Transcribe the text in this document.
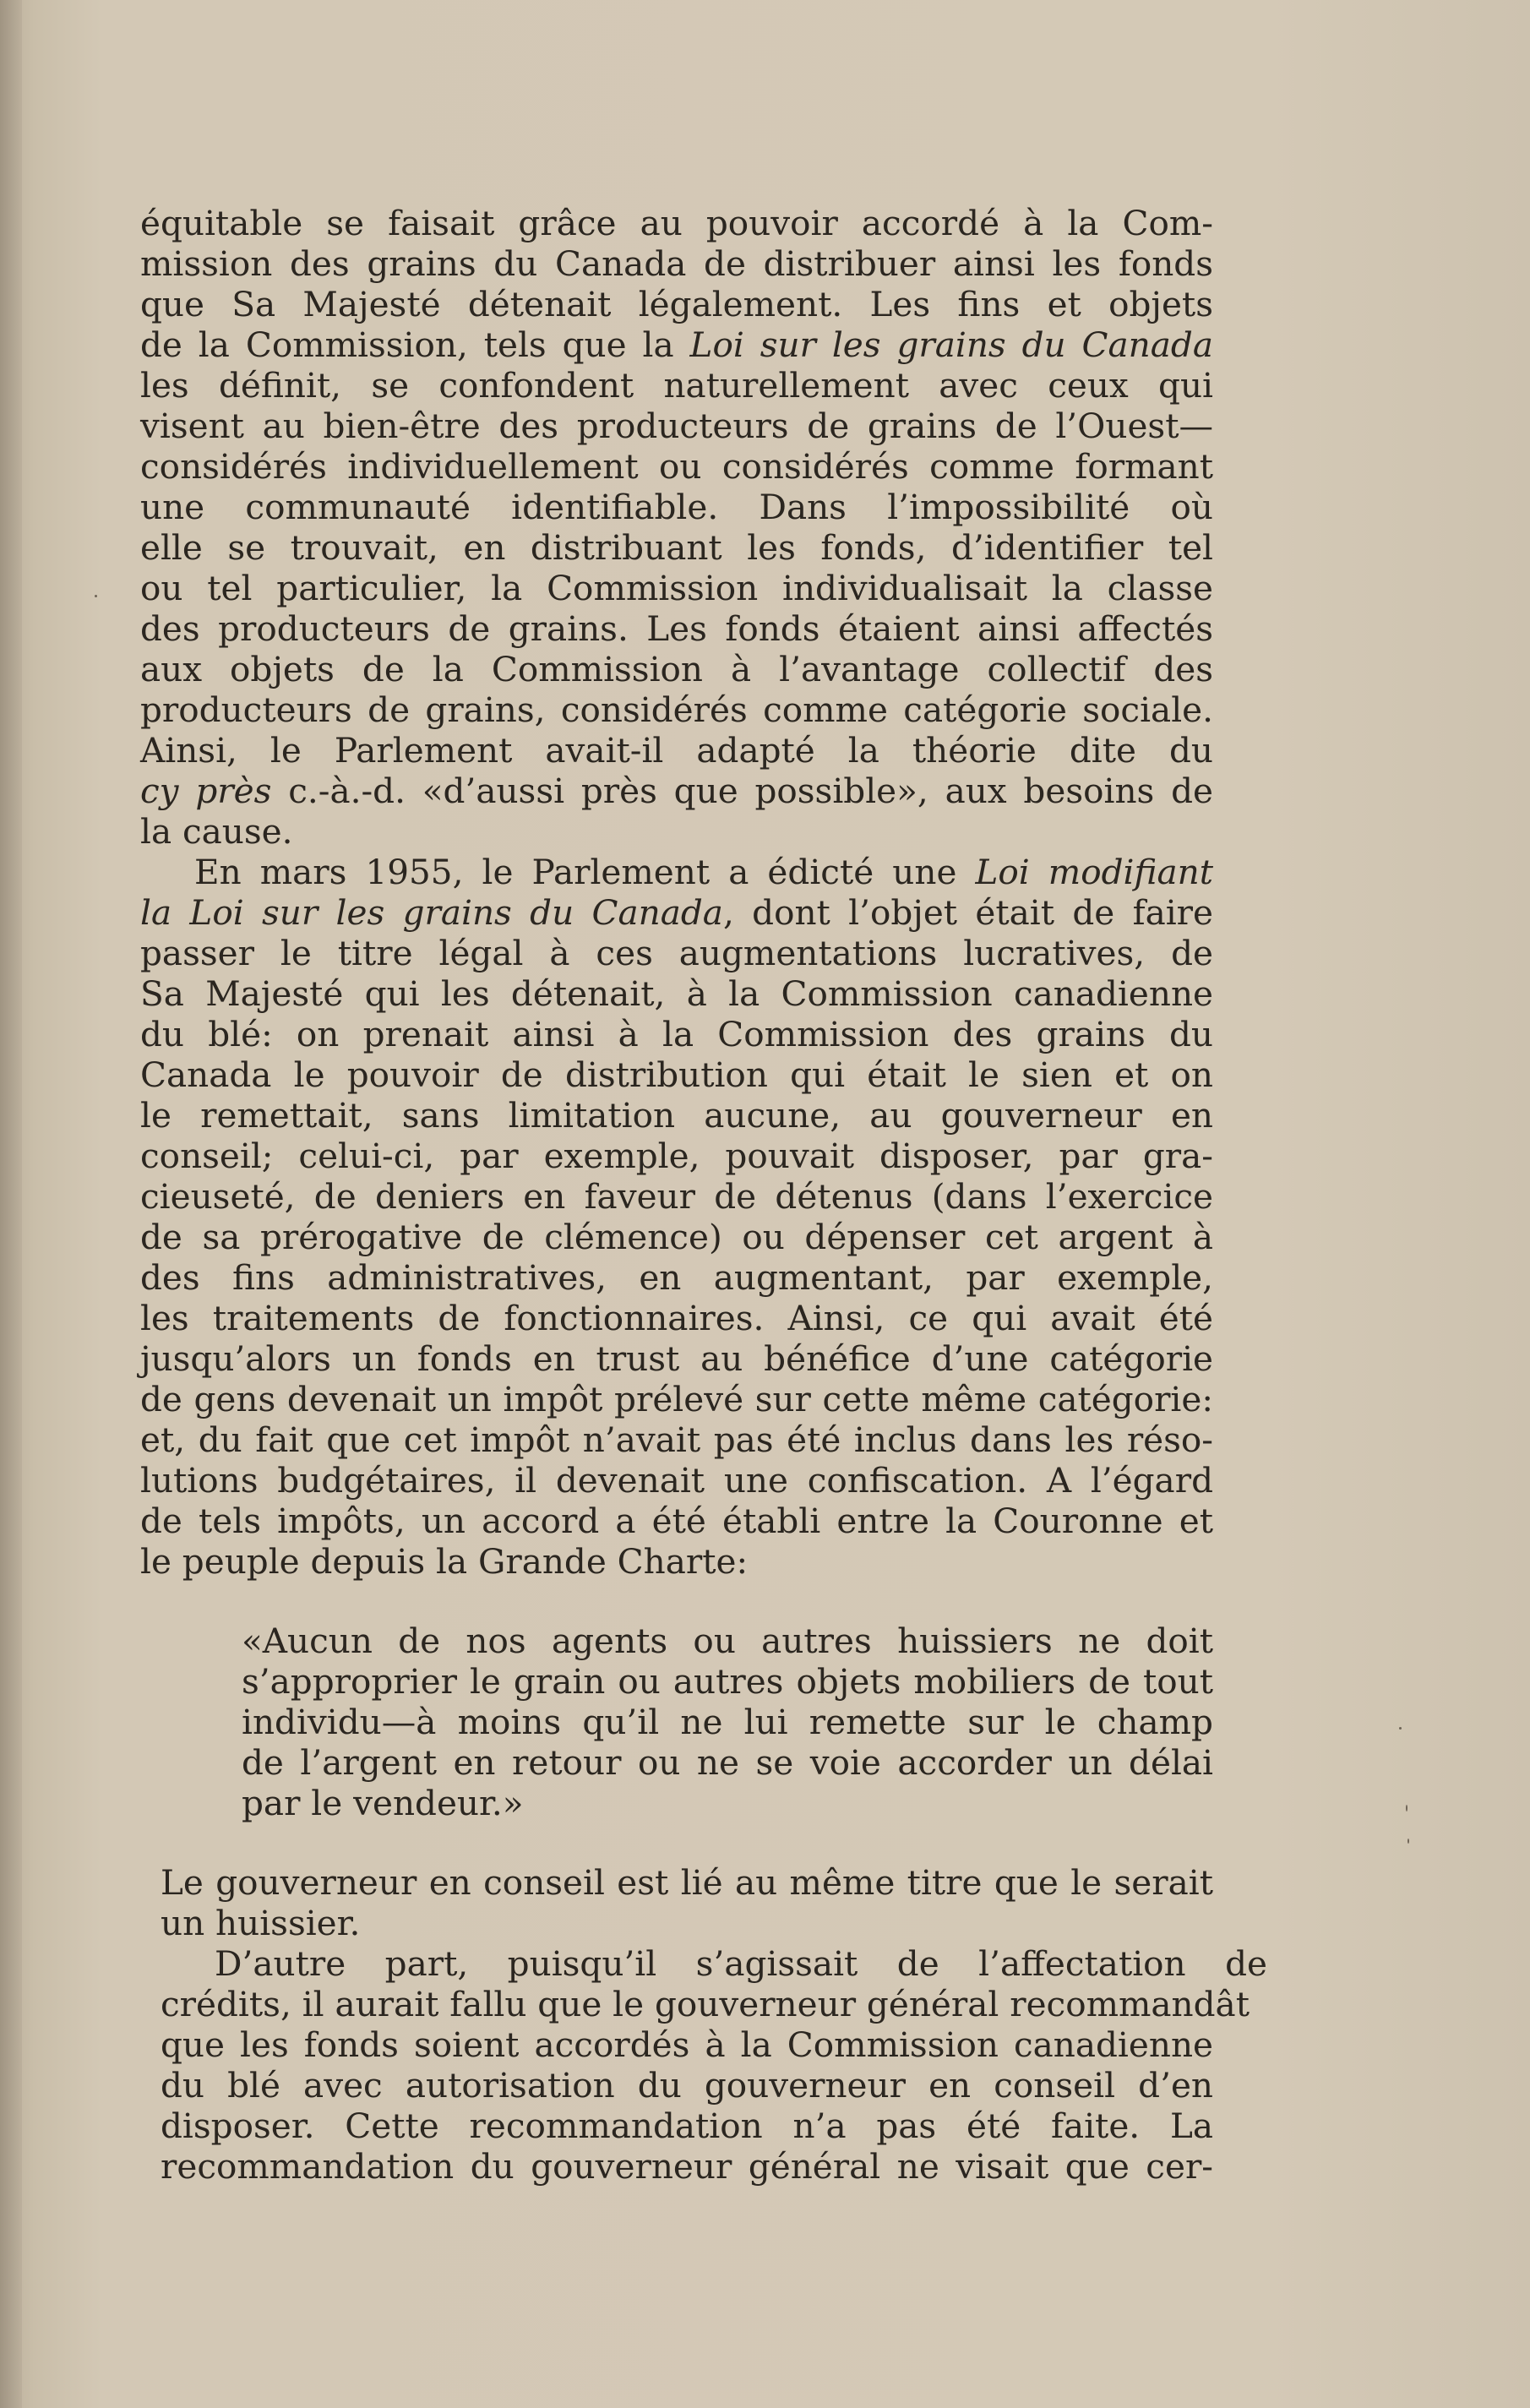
équitable se faisait grâce au pouvoir accordé à la Com-
mission des grains du Canada de distribuer ainsi les fonds
que Sa Majesté détenait légalement. Les fins et objets
de la Commission, tels que la Loi sur les grains du Canada
les définit, se confondent naturellement avec ceux qui
visent au bien-être des producteurs de grains de l’Ouest—
considérés individuellement ou considérés comme formant
une communauté identifiable. Dans l’impossibilité où
elle se trouvait, en distribuant les fonds, d’identifier tel
ou tel particulier, la Commission individualisait la classe
des producteurs de grains. Les fonds étaient ainsi affectés
aux objets de la Commission à l’avantage collectif des
producteurs de grains, considérés comme catégorie sociale.
Ainsi, le Parlement avait-il adapté la théorie dite du
cy près c.-à.-d. «d’aussi près que possible», aux besoins de
la cause.
En mars 1955, le Parlement a édicté une Loi modifiant
la Loi sur les grains du Canada, dont l’objet était de faire
passer le titre légal à ces augmentations lucratives, de
Sa Majesté qui les détenait, à la Commission canadienne
du blé: on prenait ainsi à la Commission des grains du
Canada le pouvoir de distribution qui était le sien et on
le remettait, sans limitation aucune, au gouverneur en
conseil; celui-ci, par exemple, pouvait disposer, par gra-
cieuseté, de deniers en faveur de détenus (dans l’exercice
de sa prérogative de clémence) ou dépenser cet argent à
des fins administratives, en augmentant, par exemple,
les traitements de fonctionnaires. Ainsi, ce qui avait été
jusqu’alors un fonds en trust au bénéfice d’une catégorie
de gens devenait un impôt prélevé sur cette même catégorie:
et, du fait que cet impôt n’avait pas été inclus dans les réso-
lutions budgétaires, il devenait une confiscation. A l’égard
de tels impôts, un accord a été établi entre la Couronne et
le peuple depuis la Grande Charte:
«Aucun de nos agents ou autres huissiers ne doit
s’approprier le grain ou autres objets mobiliers de tout
individu—à moins qu’il ne lui remette sur le champ
de l’argent en retour ou ne se voie accorder un délai
par le vendeur.»
Le gouverneur en conseil est lié au même titre que le serait
un huissier.
D’autre part, puisqu’il s’agissait de l’affectation de
crédits, il aurait fallu que le gouverneur général recommandât
que les fonds soient accordés à la Commission canadienne
du blé avec autorisation du gouverneur en conseil d’en
disposer. Cette recommandation n’a pas été faite. La
recommandation du gouverneur général ne visait que cer-
